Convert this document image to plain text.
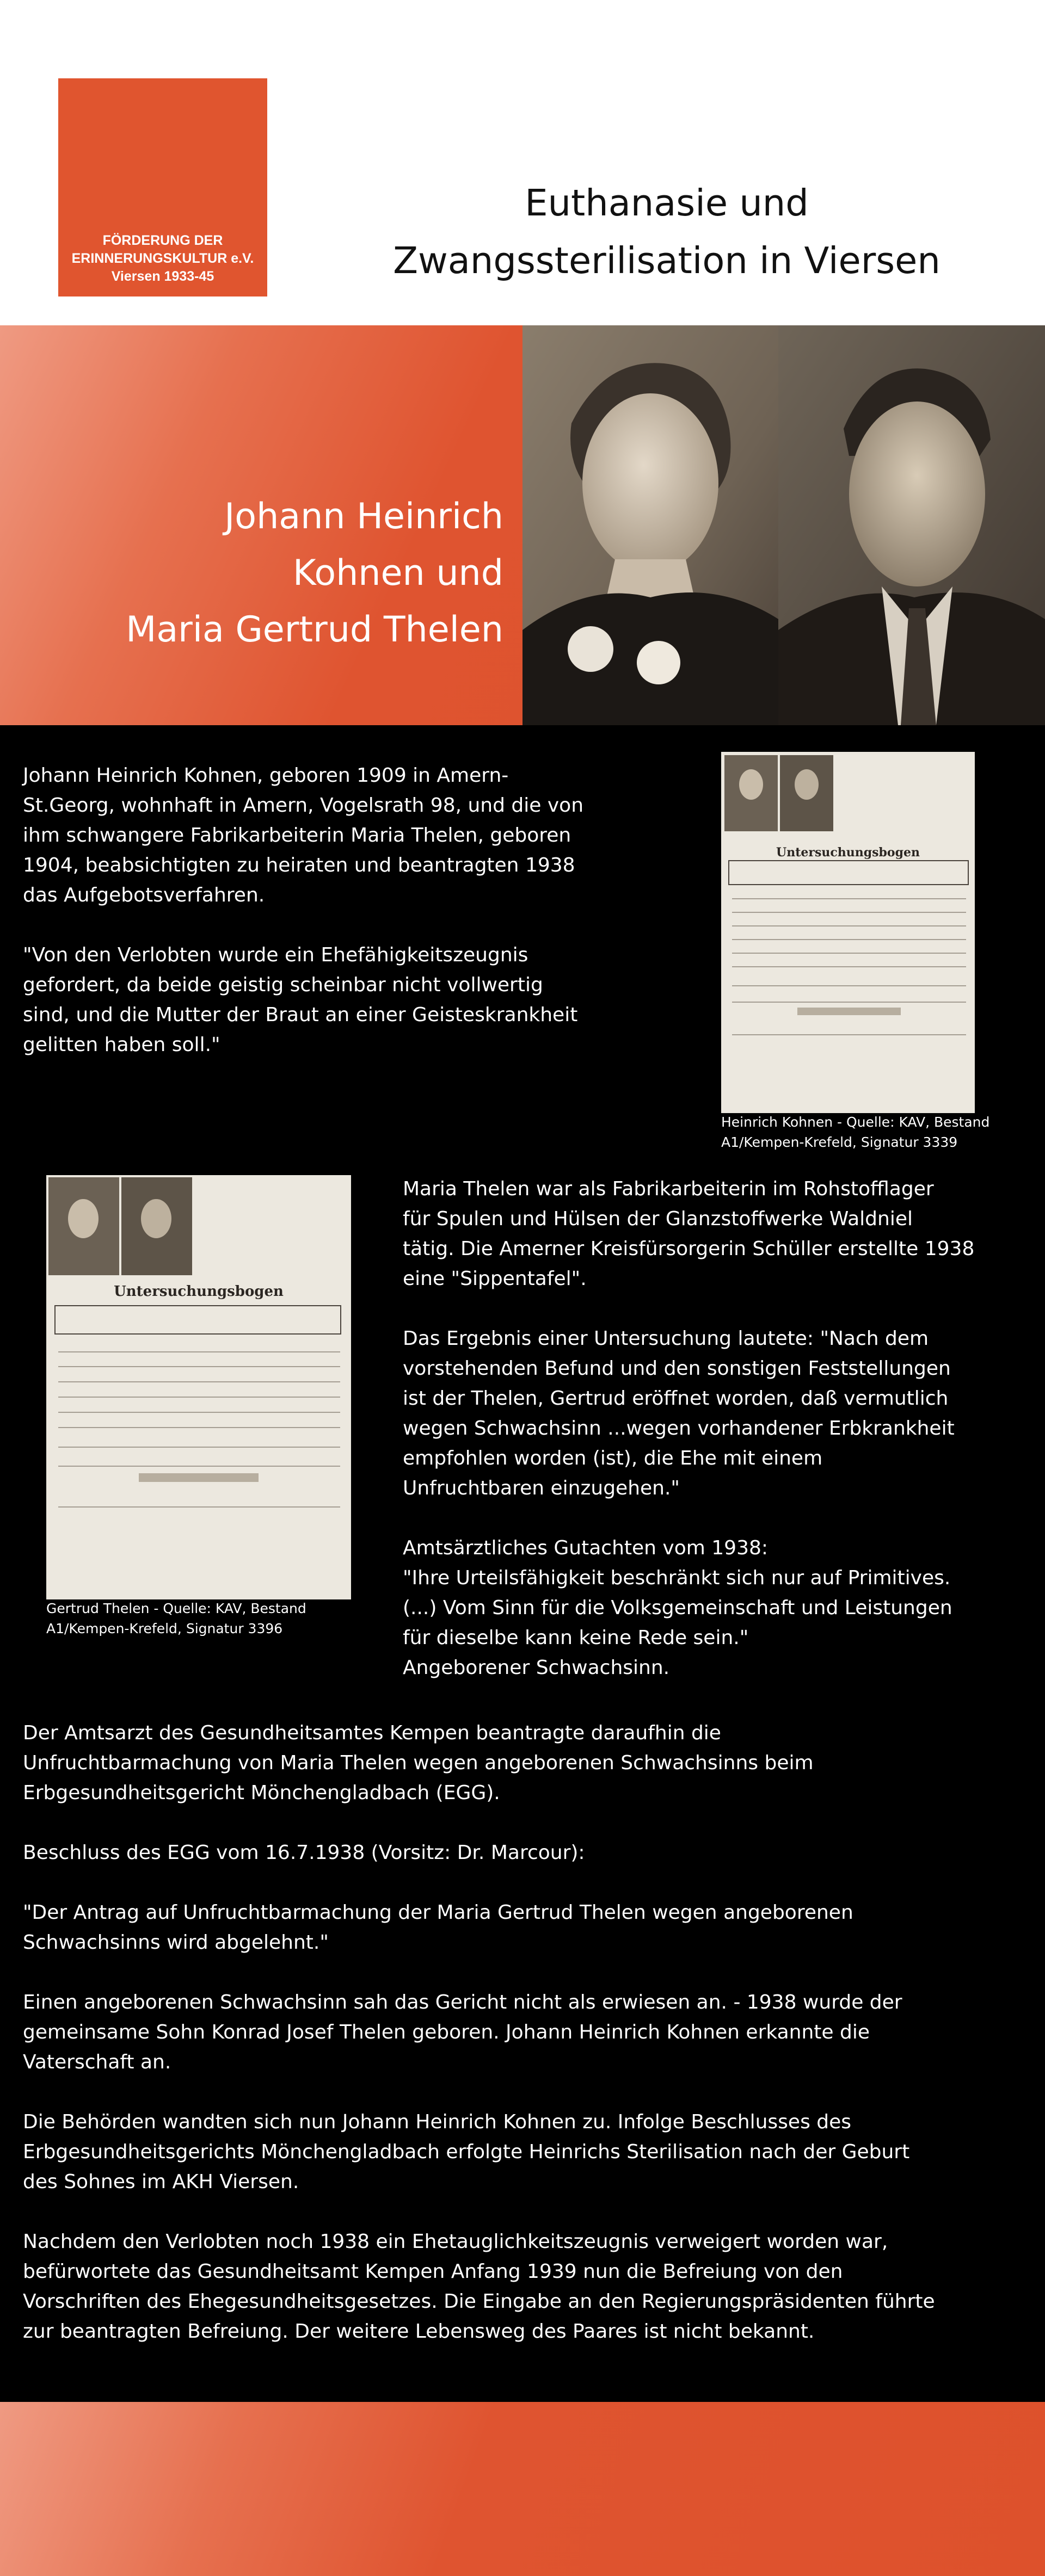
FÖRDERUNG DER
ERINNERUNGSKULTUR e.V.
Viersen 1933-45
Euthanasie und
Zwangssterilisation in Viersen
Johann Heinrich
Kohnen und
Maria Gertrud Thelen
Johann Heinrich Kohnen, geboren 1909 in Amern-
St.Georg, wohnhaft in Amern, Vogelsrath 98, und die von
ihm schwangere Fabrikarbeiterin Maria Thelen, geboren
1904, beabsichtigten zu heiraten und beantragten 1938
das Aufgebotsverfahren.
"Von den Verlobten wurde ein Ehefähigkeitszeugnis
gefordert, da beide geistig scheinbar nicht vollwertig
sind, und die Mutter der Braut an einer Geisteskrankheit
gelitten haben soll."
Untersuchungsbogen
Heinrich Kohnen - Quelle: KAV, Bestand
A1/Kempen-Krefeld, Signatur 3339
Untersuchungsbogen
Gertrud Thelen - Quelle: KAV, Bestand
A1/Kempen-Krefeld, Signatur 3396
Maria Thelen war als Fabrikarbeiterin im Rohstofflager
für Spulen und Hülsen der Glanzstoffwerke Waldniel
tätig. Die Amerner Kreisfürsorgerin Schüller erstellte 1938
eine "Sippentafel".
Das Ergebnis einer Untersuchung lautete: "Nach dem
vorstehenden Befund und den sonstigen Feststellungen
ist der Thelen, Gertrud eröffnet worden, daß vermutlich
wegen Schwachsinn ...wegen vorhandener Erbkrankheit
empfohlen worden (ist), die Ehe mit einem
Unfruchtbaren einzugehen."
Amtsärztliches Gutachten vom 1938:
"Ihre Urteilsfähigkeit beschränkt sich nur auf Primitives.
(...) Vom Sinn für die Volksgemeinschaft und Leistungen
für dieselbe kann keine Rede sein."
Angeborener Schwachsinn.
Der Amtsarzt des Gesundheitsamtes Kempen beantragte daraufhin die
Unfruchtbarmachung von Maria Thelen wegen angeborenen Schwachsinns beim
Erbgesundheitsgericht Mönchengladbach (EGG).
Beschluss des EGG vom 16.7.1938 (Vorsitz: Dr. Marcour):
"Der Antrag auf Unfruchtbarmachung der Maria Gertrud Thelen wegen angeborenen
Schwachsinns wird abgelehnt."
Einen angeborenen Schwachsinn sah das Gericht nicht als erwiesen an. - 1938 wurde der
gemeinsame Sohn Konrad Josef Thelen geboren. Johann Heinrich Kohnen erkannte die
Vaterschaft an.
Die Behörden wandten sich nun Johann Heinrich Kohnen zu. Infolge Beschlusses des
Erbgesundheitsgerichts Mönchengladbach erfolgte Heinrichs Sterilisation nach der Geburt
des Sohnes im AKH Viersen.
Nachdem den Verlobten noch 1938 ein Ehetauglichkeitszeugnis verweigert worden war,
befürwortete das Gesundheitsamt Kempen Anfang 1939 nun die Befreiung von den
Vorschriften des Ehegesundheitsgesetzes. Die Eingabe an den Regierungspräsidenten führte
zur beantragten Befreiung. Der weitere Lebensweg des Paares ist nicht bekannt.
